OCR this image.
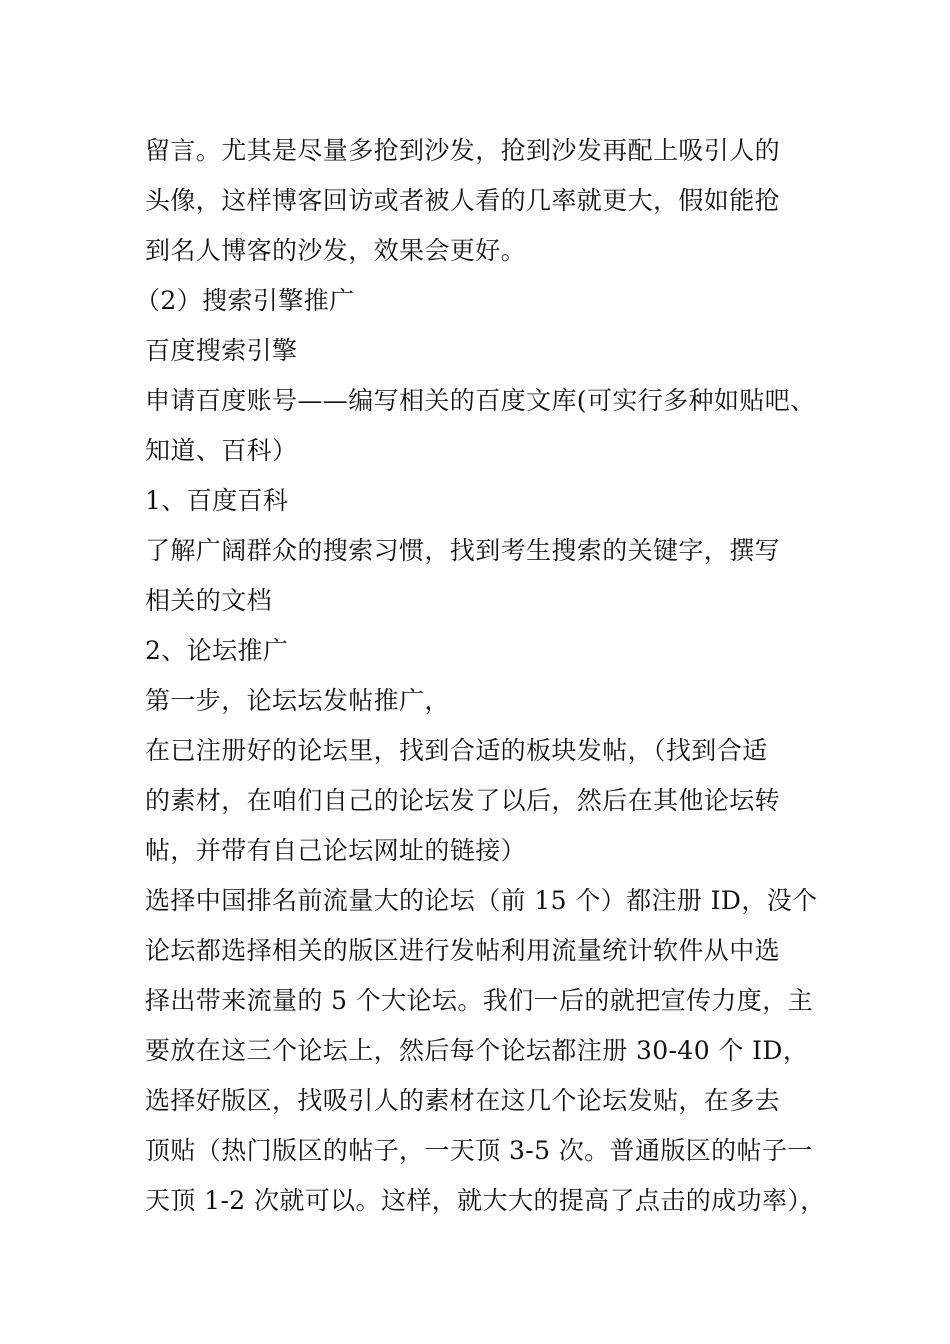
留言。尤其是尽量多抢到沙发，抢到沙发再配上吸引人的
头像，这样博客回访或者被人看的几率就更大，假如能抢
到名人博客的沙发，效果会更好。
（2）搜索引擎推广
百度搜索引擎
申请百度账号——编写相关的百度文库(可实行多种如贴吧、
知道、百科）
1、百度百科
了解广阔群众的搜索习惯，找到考生搜索的关键字，撰写
相关的文档
2、论坛推广
第一步，论坛坛发帖推广，
在已注册好的论坛里，找到合适的板块发帖，（找到合适
的素材，在咱们自己的论坛发了以后，然后在其他论坛转
帖，并带有自己论坛网址的链接）
选择中国排名前流量大的论坛（前 15 个）都注册 ID，没个
论坛都选择相关的版区进行发帖利用流量统计软件从中选
择出带来流量的 5 个大论坛。我们一后的就把宣传力度，主
要放在这三个论坛上，然后每个论坛都注册 30-40 个 ID，
选择好版区，找吸引人的素材在这几个论坛发贴，在多去
顶贴（热门版区的帖子，一天顶 3-5 次。普通版区的帖子一
天顶 1-2 次就可以。这样，就大大的提高了点击的成功率），
